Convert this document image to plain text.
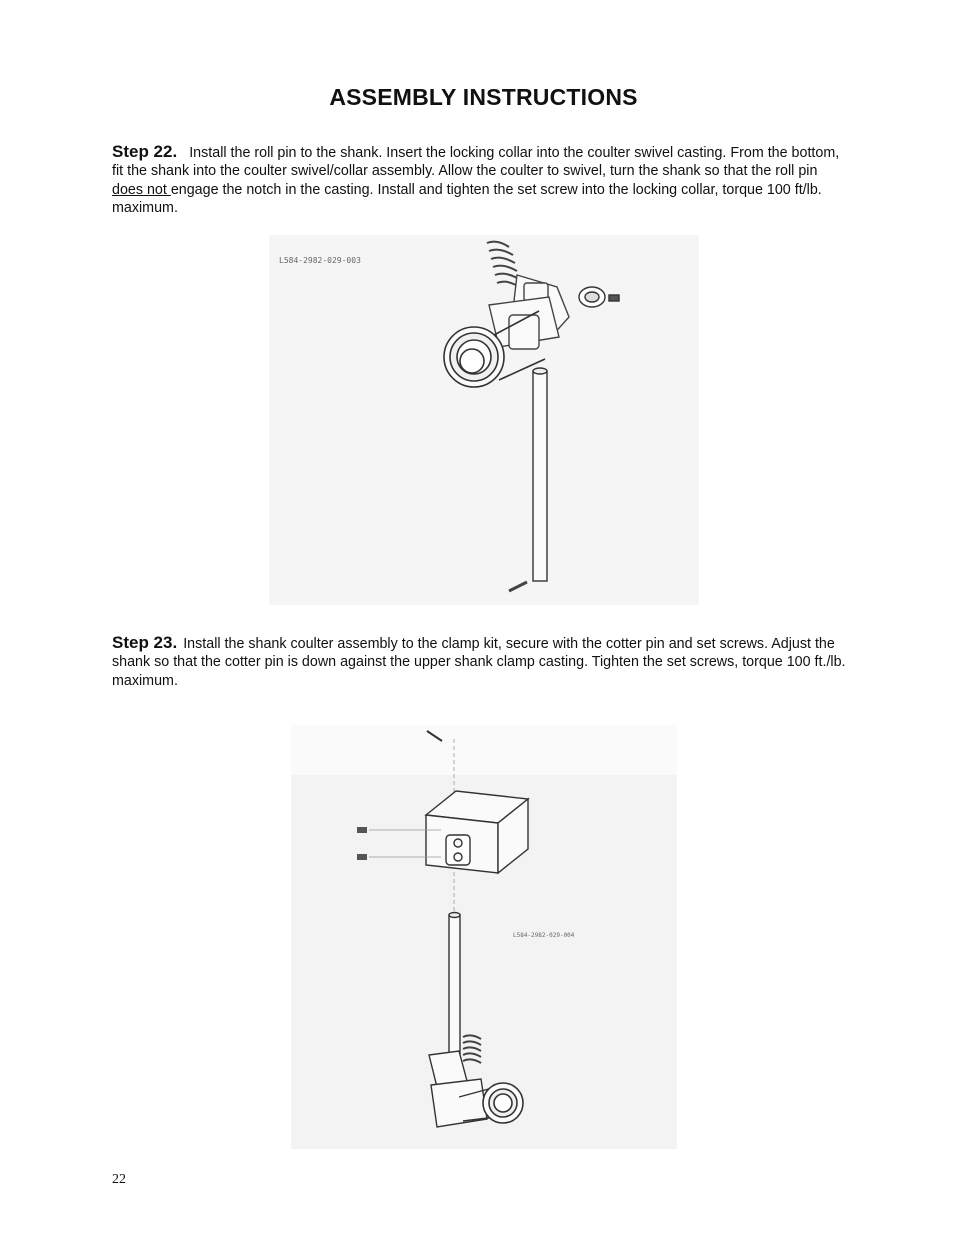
ASSEMBLY INSTRUCTIONS
Step 22. Install the roll pin to the shank. Insert the locking collar into the coulter swivel casting. From the bottom, fit the shank into the coulter swivel/collar assembly. Allow the coulter to swivel, turn the shank so that the roll pin does not engage the notch in the casting. Install and tighten the set screw into the locking collar, torque 100 ft/lb. maximum.
L584-2982-029-003
Step 23. Install the shank coulter assembly to the clamp kit, secure with the cotter pin and set screws. Adjust the shank so that the cotter pin is down against the upper shank clamp casting. Tighten the set screws, torque 100 ft./lb. maximum.
L584-2982-029-004
22
